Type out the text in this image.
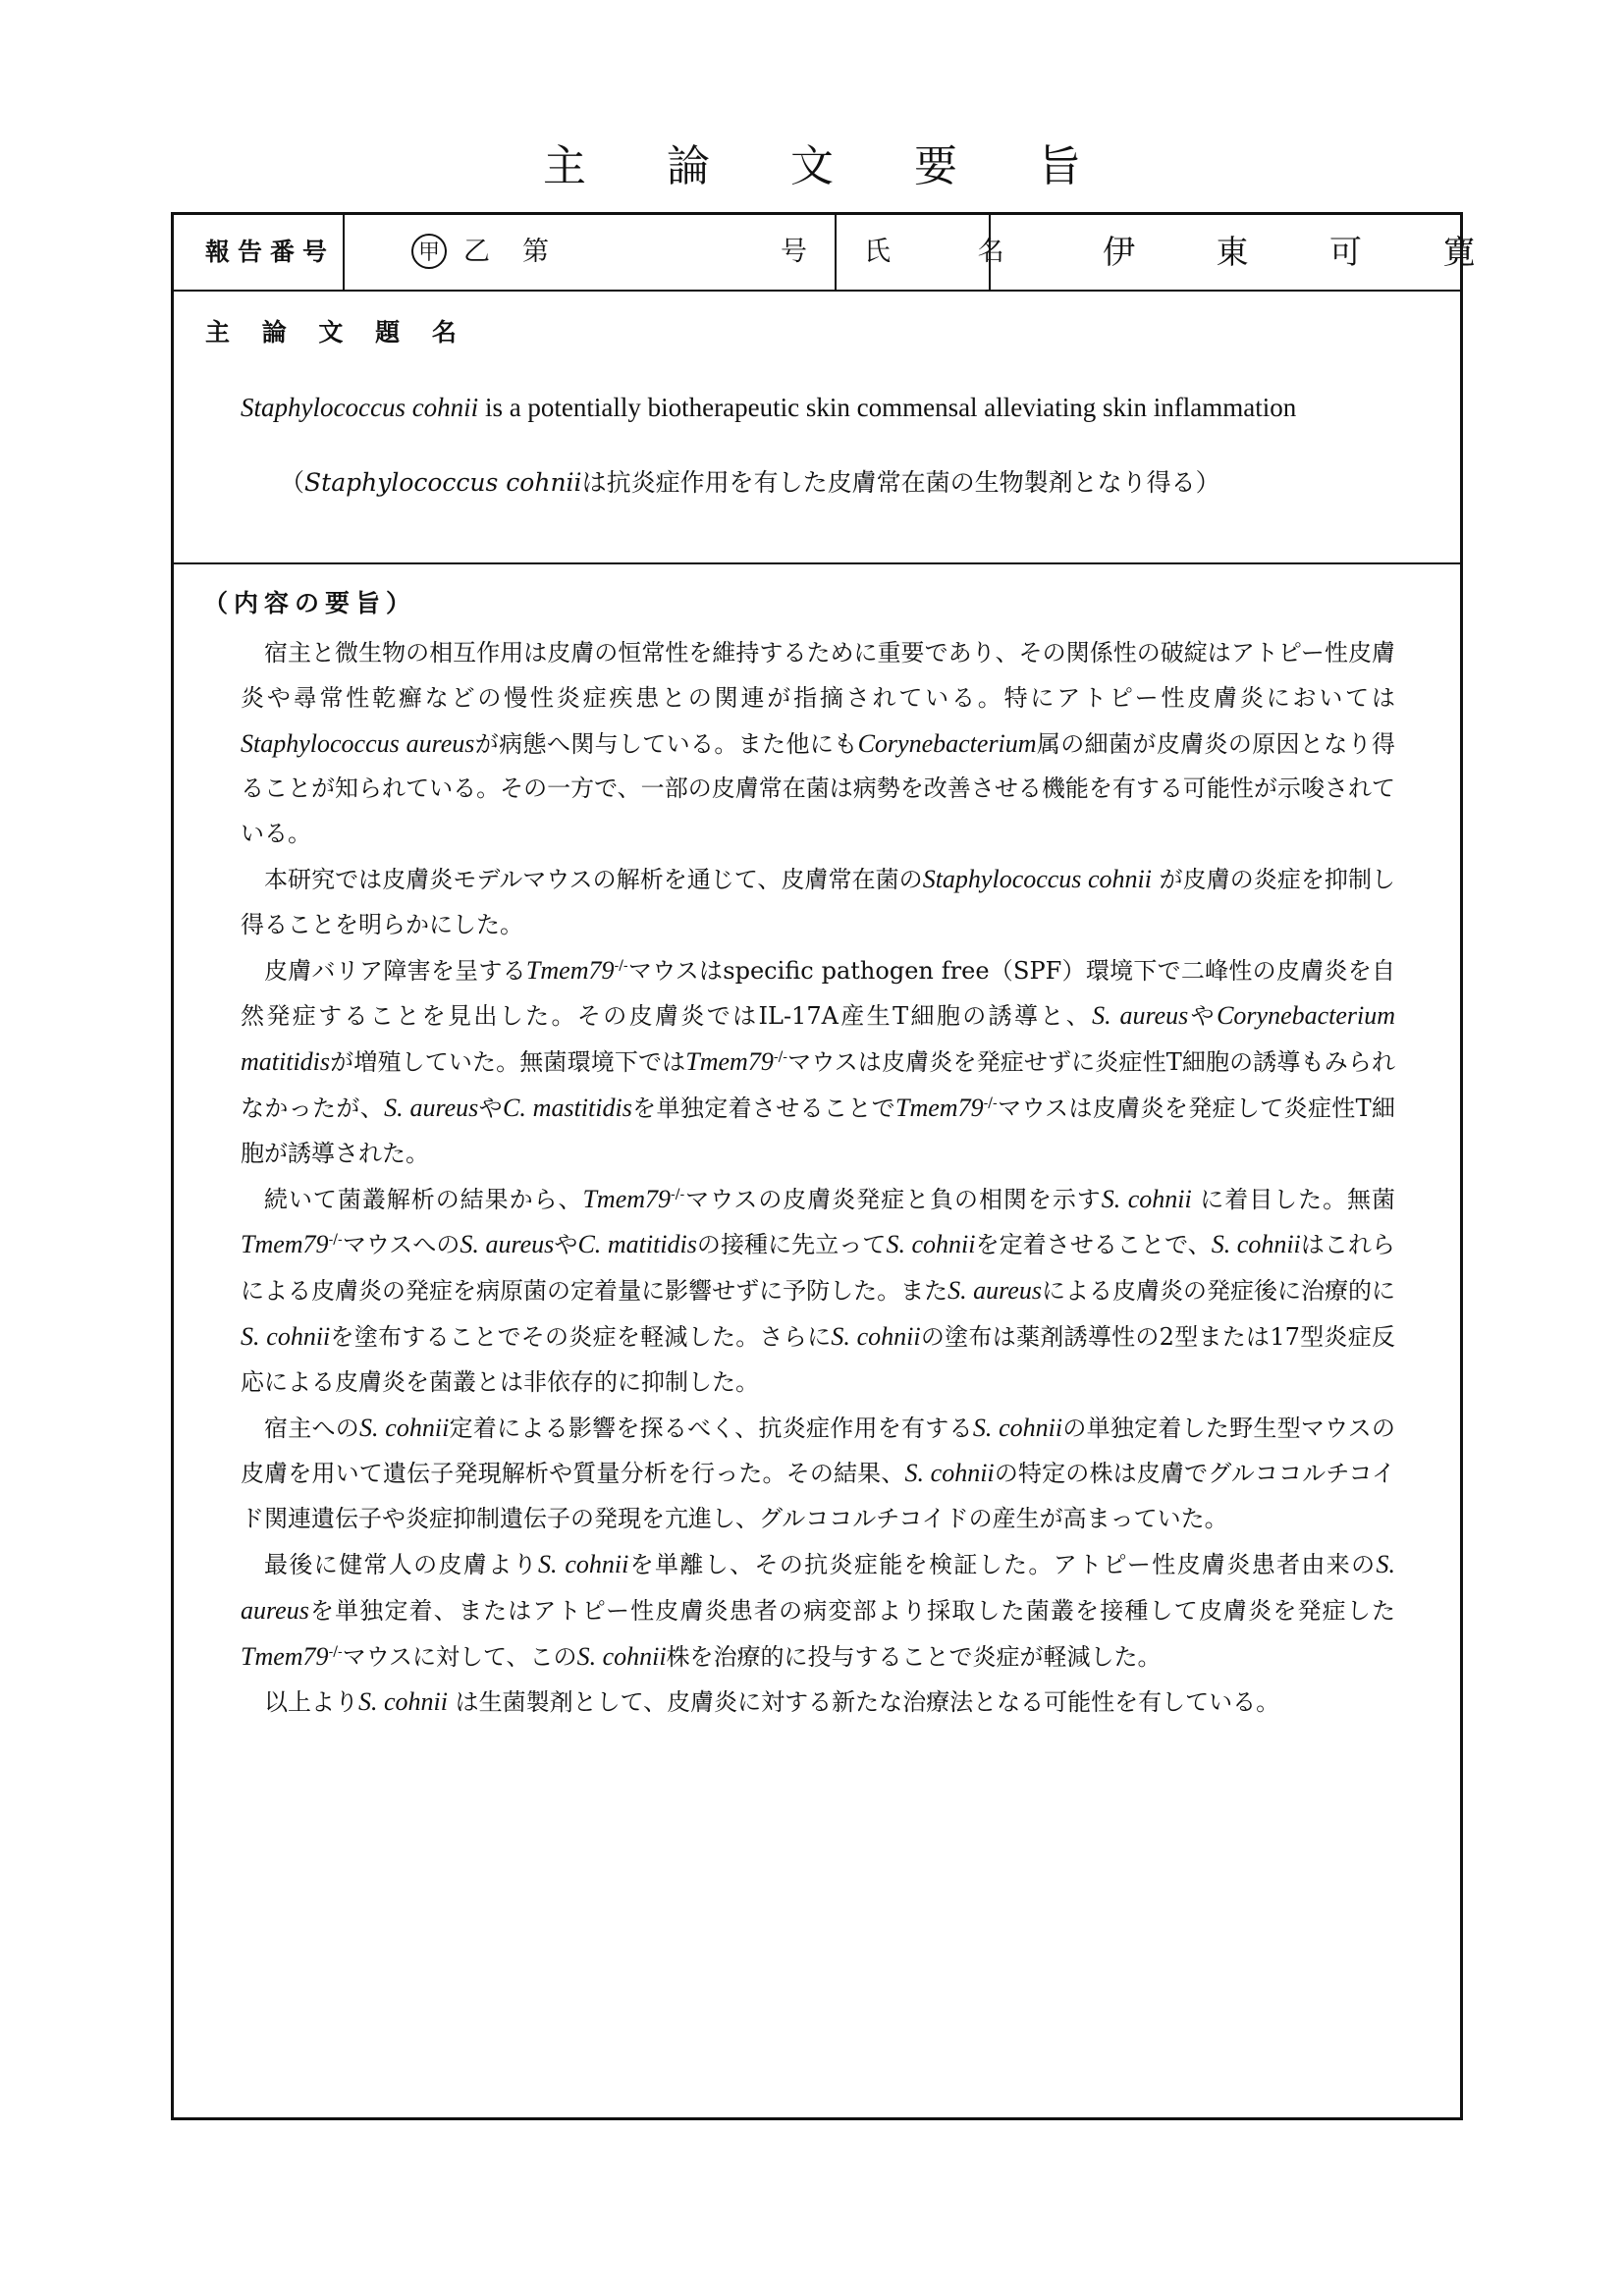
主 論 文 要 旨
報告番号	甲 乙 第	号 氏 名 伊 東 可 寛
主 論 文 題 名
Staphylococcus cohnii is a potentially biotherapeutic skin commensal alleviating skin inflammation
（Staphylococcus cohniiは抗炎症作用を有した皮膚常在菌の生物製剤となり得る）
（内容の要旨）

宿主と微生物の相互作用は皮膚の恒常性を維持するために重要であり、その関係性の破綻はアトピー性皮膚炎や尋常性乾癬などの慢性炎症疾患との関連が指摘されている。特にアトピー性皮膚炎においてはStaphylococcus aureusが病態へ関与している。また他にもCorynebacterium属の細菌が皮膚炎の原因となり得ることが知られている。その一方で、一部の皮膚常在菌は病勢を改善させる機能を有する可能性が示唆されている。

本研究では皮膚炎モデルマウスの解析を通じて、皮膚常在菌のStaphylococcus cohnii が皮膚の炎症を抑制し得ることを明らかにした。

皮膚バリア障害を呈するTmem79-/-マウスはspecific pathogen free（SPF）環境下で二峰性の皮膚炎を自然発症することを見出した。その皮膚炎ではIL-17A産生T細胞の誘導と、S. aureusやCorynebacterium matitidisが増殖していた。無菌環境下ではTmem79-/-マウスは皮膚炎を発症せずに炎症性T細胞の誘導もみられなかったが、S. aureusやC. mastitidisを単独定着させることでTmem79-/-マウスは皮膚炎を発症して炎症性T細胞が誘導された。

続いて菌叢解析の結果から、Tmem79-/-マウスの皮膚炎発症と負の相関を示すS. cohnii に着目した。無菌Tmem79-/-マウスへのS. aureusやC. matitidisの接種に先立ってS. cohniiを定着させることで、S. cohniiはこれらによる皮膚炎の発症を病原菌の定着量に影響せずに予防した。またS. aureusによる皮膚炎の発症後に治療的にS. cohniiを塗布することでその炎症を軽減した。さらにS. cohniiの塗布は薬剤誘導性の2型または17型炎症反応による皮膚炎を菌叢とは非依存的に抑制した。

宿主へのS. cohnii定着による影響を探るべく、抗炎症作用を有するS. cohniiの単独定着した野生型マウスの皮膚を用いて遺伝子発現解析や質量分析を行った。その結果、S. cohniiの特定の株は皮膚でグルココルチコイド関連遺伝子や炎症抑制遺伝子の発現を亢進し、グルココルチコイドの産生が高まっていた。

最後に健常人の皮膚よりS. cohniiを単離し、その抗炎症能を検証した。アトピー性皮膚炎患者由来のS. aureusを単独定着、またはアトピー性皮膚炎患者の病変部より採取した菌叢を接種して皮膚炎を発症したTmem79-/-マウスに対して、このS. cohnii株を治療的に投与することで炎症が軽減した。

以上よりS. cohnii は生菌製剤として、皮膚炎に対する新たな治療法となる可能性を有している。
